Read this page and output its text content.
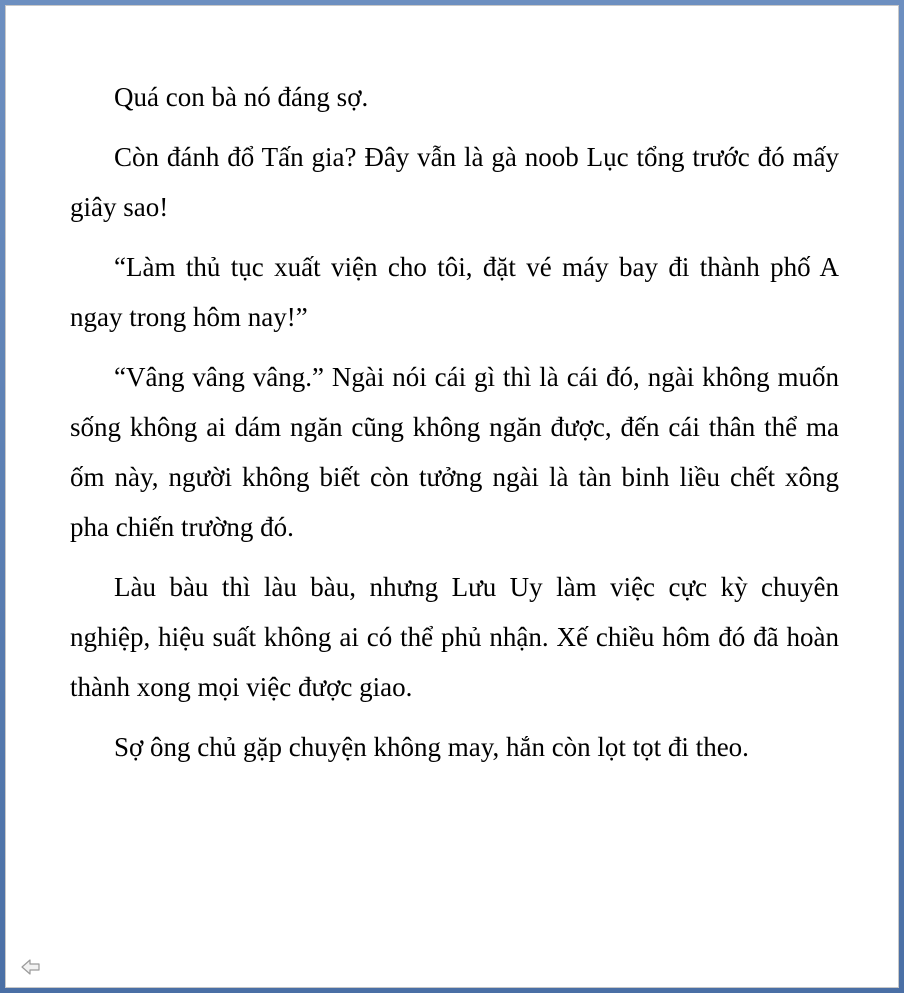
Quá con bà nó đáng sợ.

Còn đánh đổ Tấn gia? Đây vẫn là gà noob Lục tổng trước đó mấy giây sao!

“Làm thủ tục xuất viện cho tôi, đặt vé máy bay đi thành phố A ngay trong hôm nay!”

“Vâng vâng vâng.” Ngài nói cái gì thì là cái đó, ngài không muốn sống không ai dám ngăn cũng không ngăn được, đến cái thân thể ma ốm này, người không biết còn tưởng ngài là tàn binh liều chết xông pha chiến trường đó.

Làu bàu thì làu bàu, nhưng Lưu Uy làm việc cực kỳ chuyên nghiệp, hiệu suất không ai có thể phủ nhận. Xế chiều hôm đó đã hoàn thành xong mọi việc được giao.

Sợ ông chủ gặp chuyện không may, hắn còn lọt tọt đi theo.
